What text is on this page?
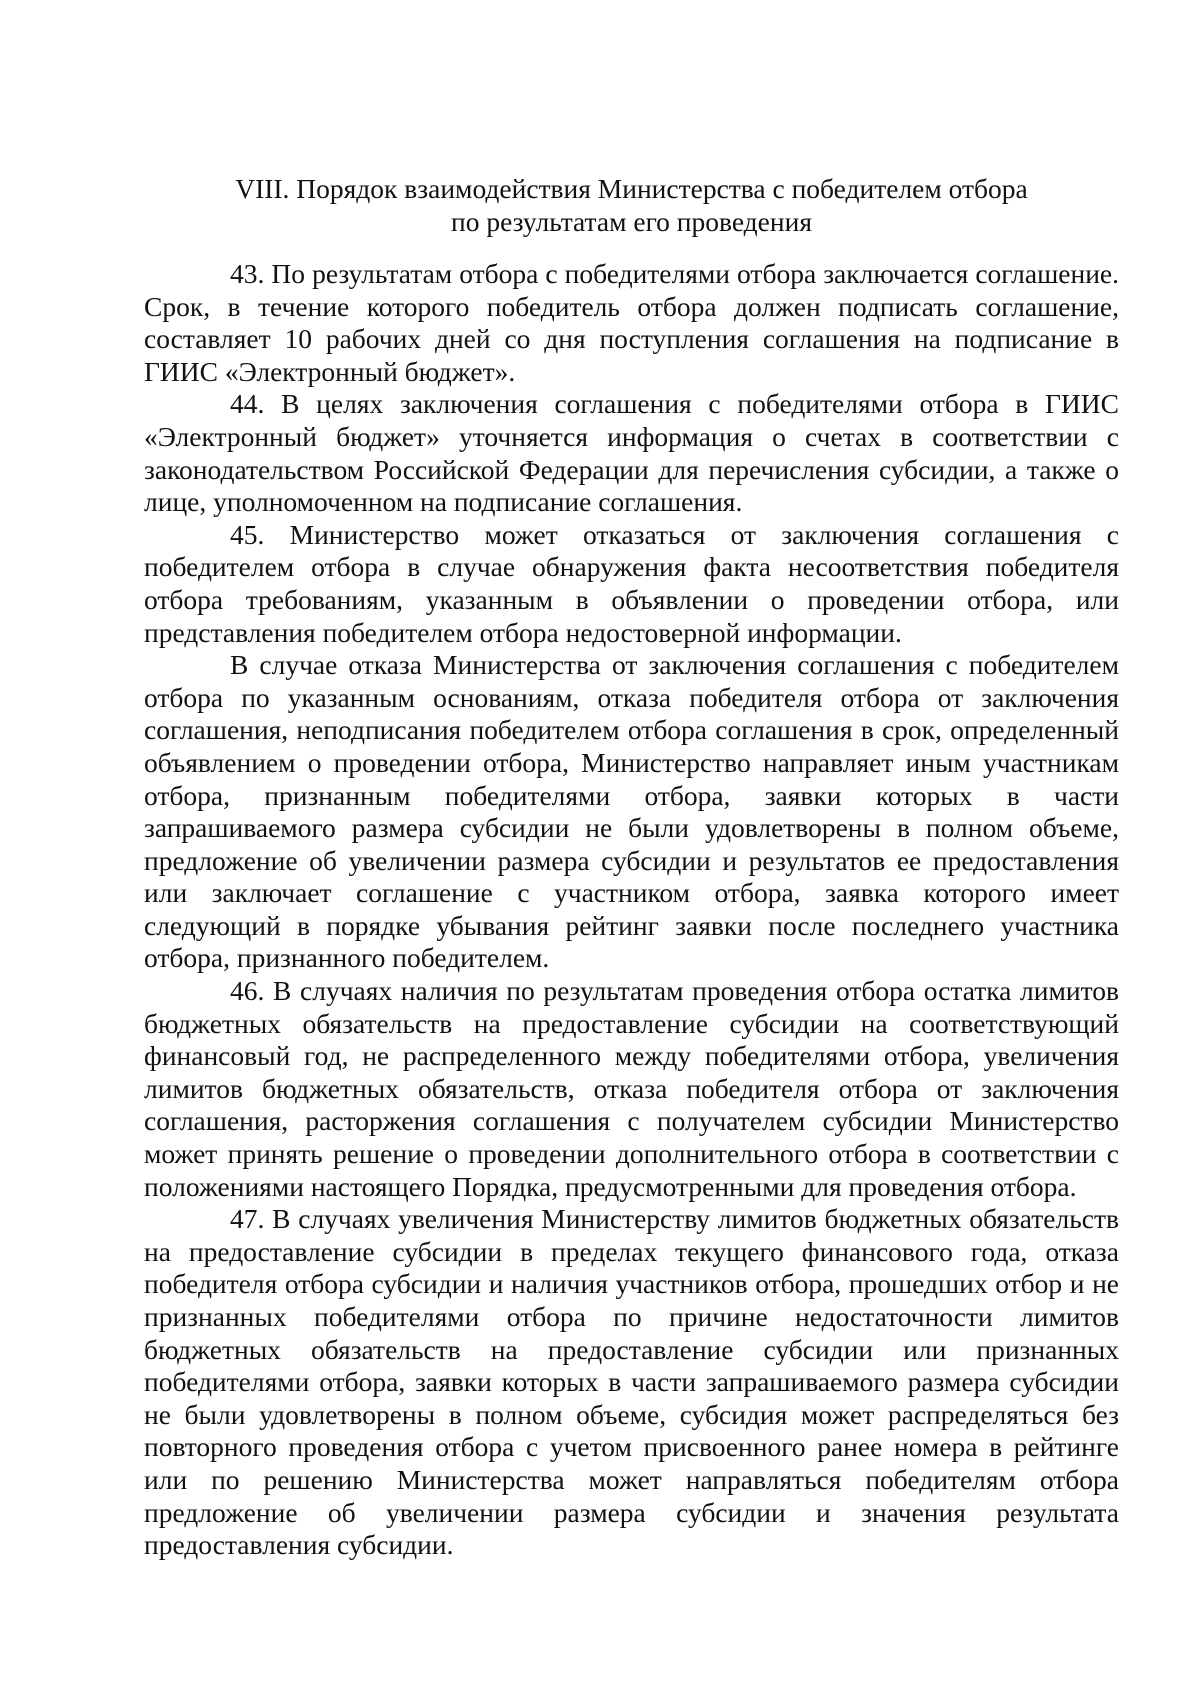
VIII. Порядок взаимодействия Министерства с победителем отбора
по результатам его проведения

43. По результатам отбора с победителями отбора заключается соглашение. Срок, в течение которого победитель отбора должен подписать соглашение, составляет 10 рабочих дней со дня поступления соглашения на подписание в ГИИС «Электронный бюджет».

44. В целях заключения соглашения с победителями отбора в ГИИС «Электронный бюджет» уточняется информация о счетах в соответствии с законодательством Российской Федерации для перечисления субсидии, а также о лице, уполномоченном на подписание соглашения.

45. Министерство может отказаться от заключения соглашения с победителем отбора в случае обнаружения факта несоответствия победителя отбора требованиям, указанным в объявлении о проведении отбора, или представления победителем отбора недостоверной информации.

В случае отказа Министерства от заключения соглашения с победителем отбора по указанным основаниям, отказа победителя отбора от заключения соглашения, неподписания победителем отбора соглашения в срок, определенный объявлением о проведении отбора, Министерство направляет иным участникам отбора, признанным победителями отбора, заявки которых в части запрашиваемого размера субсидии не были удовлетворены в полном объеме, предложение об увеличении размера субсидии и результатов ее предоставления или заключает соглашение с участником отбора, заявка которого имеет следующий в порядке убывания рейтинг заявки после последнего участника отбора, признанного победителем.

46. В случаях наличия по результатам проведения отбора остатка лимитов бюджетных обязательств на предоставление субсидии на соответствующий финансовый год, не распределенного между победителями отбора, увеличения лимитов бюджетных обязательств, отказа победителя отбора от заключения соглашения, расторжения соглашения с получателем субсидии Министерство может принять решение о проведении дополнительного отбора в соответствии с положениями настоящего Порядка, предусмотренными для проведения отбора.

47. В случаях увеличения Министерству лимитов бюджетных обязательств на предоставление субсидии в пределах текущего финансового года, отказа победителя отбора субсидии и наличия участников отбора, прошедших отбор и не признанных победителями отбора по причине недостаточности лимитов бюджетных обязательств на предоставление субсидии или признанных победителями отбора, заявки которых в части запрашиваемого размера субсидии не были удовлетворены в полном объеме, субсидия может распределяться без повторного проведения отбора с учетом присвоенного ранее номера в рейтинге или по решению Министерства может направляться победителям отбора предложение об увеличении размера субсидии и значения результата предоставления субсидии.
